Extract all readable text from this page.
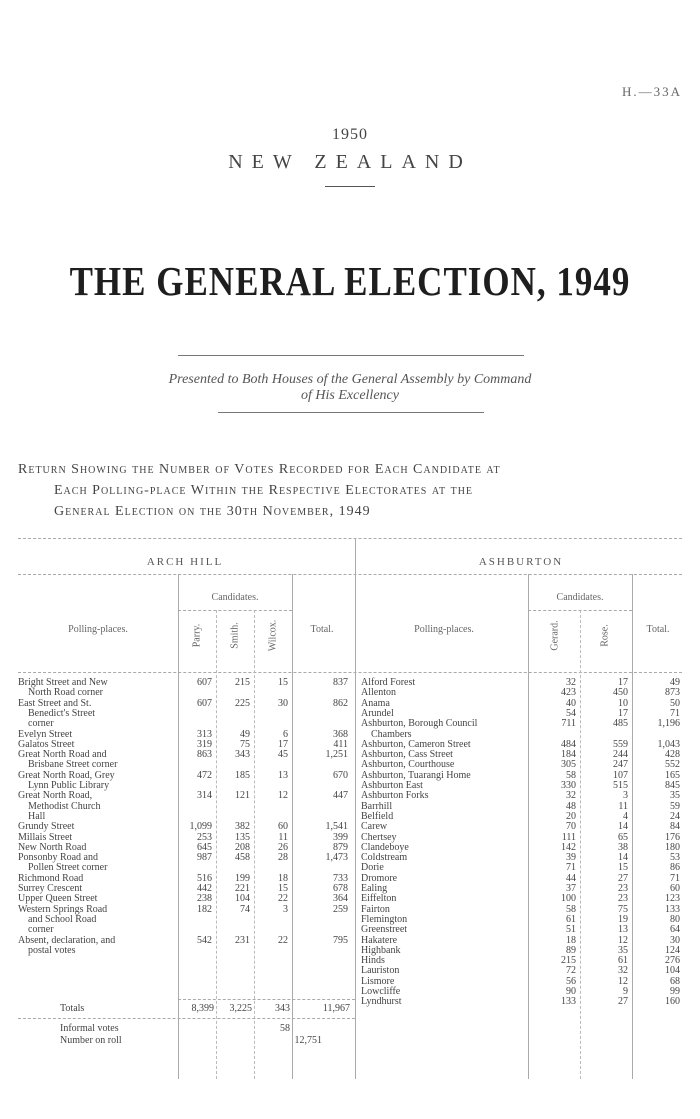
H.—33A
1950
NEW ZEALAND
THE GENERAL ELECTION, 1949
Presented to Both Houses of the General Assembly by Command
of His Excellency
Return Showing the Number of Votes Recorded for Each Candidate at
Each Polling-place Within the Respective Electorates at the
General Election on the 30th November, 1949
ARCH HILL	ASHBURTON
Candidates.
Polling-places.	Total.
Parry.	Smith.	Wilcox.
Candidates.
Polling-places.	Total.
Gerard.	Rose.
Bright Street and New
North Road corner
607	215	15	837
East Street and St.
Benedict's Street
corner
607	225	30	862
Evelyn Street	313	49	6	368
Galatos Street	319	75	17	411
Great North Road and
Brisbane Street corner
863	343	45	1,251
Great North Road, Grey
Lynn Public Library
472	185	13	670
Great North Road,
Methodist Church
Hall
314	121	12	447
Grundy Street	1,099	382	60	1,541
Millais Street	253	135	11	399
New North Road	645	208	26	879
Ponsonby Road and
Pollen Street corner
987	458	28	1,473
Richmond Road	516	199	18	733
Surrey Crescent	442	221	15	678
Upper Queen Street	238	104	22	364
Western Springs Road
and School Road
corner
182	74	3	259
Absent, declaration, and
postal votes
542	231	22	795
Alford Forest	32	17	49
Allenton	423	450	873
Anama	40	10	50
Arundel	54	17	71
Ashburton, Borough Council
Chambers
711	485	1,196
Ashburton, Cameron Street	484	559	1,043
Ashburton, Cass Street	184	244	428
Ashburton, Courthouse	305	247	552
Ashburton, Tuarangi Home	58	107	165
Ashburton East	330	515	845
Ashburton Forks	32	3	35
Barrhill	48	11	59
Belfield	20	4	24
Carew	70	14	84
Chertsey	111	65	176
Clandeboye	142	38	180
Coldstream	39	14	53
Dorie	71	15	86
Dromore	44	27	71
Ealing	37	23	60
Eiffelton	100	23	123
Fairton	58	75	133
Flemington	61	19	80
Greenstreet	51	13	64
Hakatere	18	12	30
Highbank	89	35	124
Hinds	215	61	276
Lauriston	72	32	104
Lismore	56	12	68
Lowcliffe	90	9	99
Lyndhurst	133	27	160
Totals	8,399	3,225	343	11,967
Informal votes	58
Number on roll	12,751
